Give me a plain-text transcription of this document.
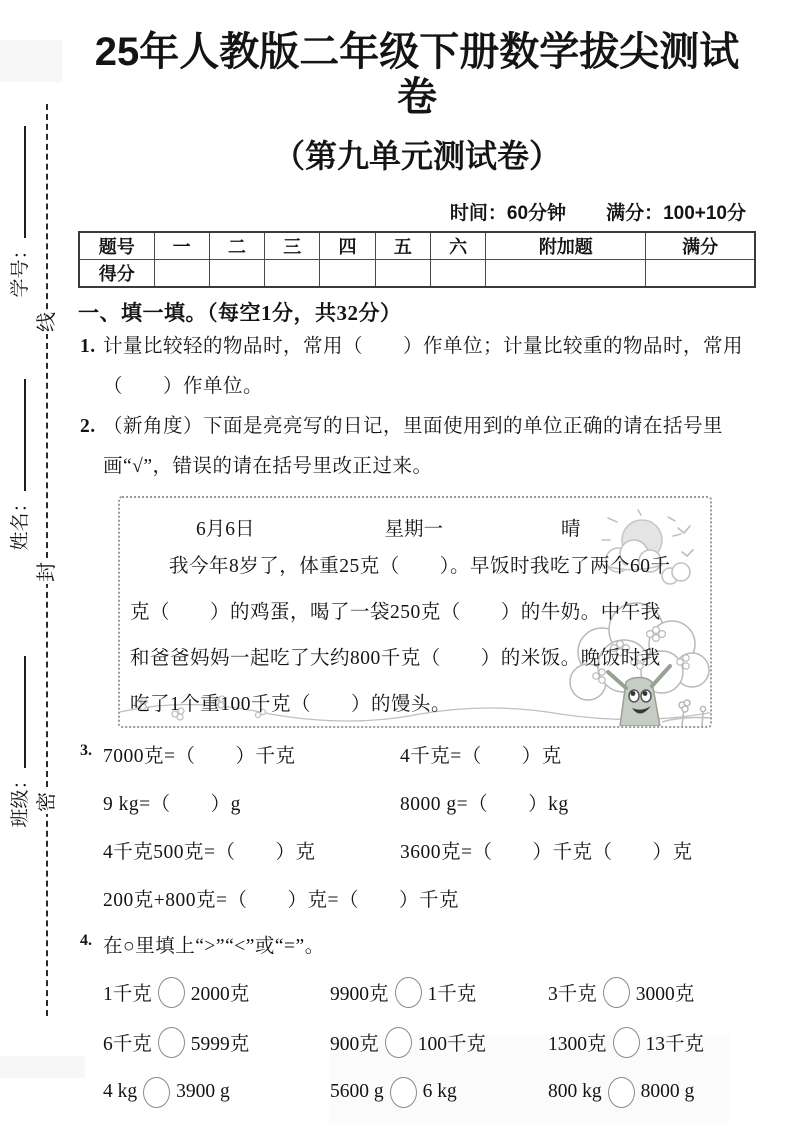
学号：
姓名：
班级：
线
封
密
25年人教版二年级下册数学拔尖测试卷
（第九单元测试卷）
时间：60分钟 满分：100+10分
题号	一	二	三	四	五	六	附加题	满分
得分								
一、填一填。（每空1分，共32分）
1. 计量比较轻的物品时，常用（　　）作单位；计量比较重的物品时，常用（　　）作单位。
2. （新角度）下面是亮亮写的日记，里面使用到的单位正确的请在括号里画“√”，错误的请在括号里改正过来。
6月6日	星期一	晴
我今年8岁了，体重25克（　　）。早饭时我吃了两个60千克（　　）的鸡蛋，喝了一袋250克（　　）的牛奶。中午我和爸爸妈妈一起吃了大约800千克（　　）的米饭。晚饭时我吃了1个重100千克（　　）的馒头。
3. 7000克=（　　）千克	4千克=（　　）克
9 kg=（　　）g	8000 g=（　　）kg
4千克500克=（　　）克	3600克=（　　）千克（　　）克
200克+800克=（　　）克=（　　）千克
4. 在○里填上“>”“<”或“=”。
1千克 2000克	9900克 1千克	3千克 3000克
6千克 5999克	900克 100千克	1300克 13千克
4 kg 3900 g	5600 g 6 kg	800 kg 8000 g
